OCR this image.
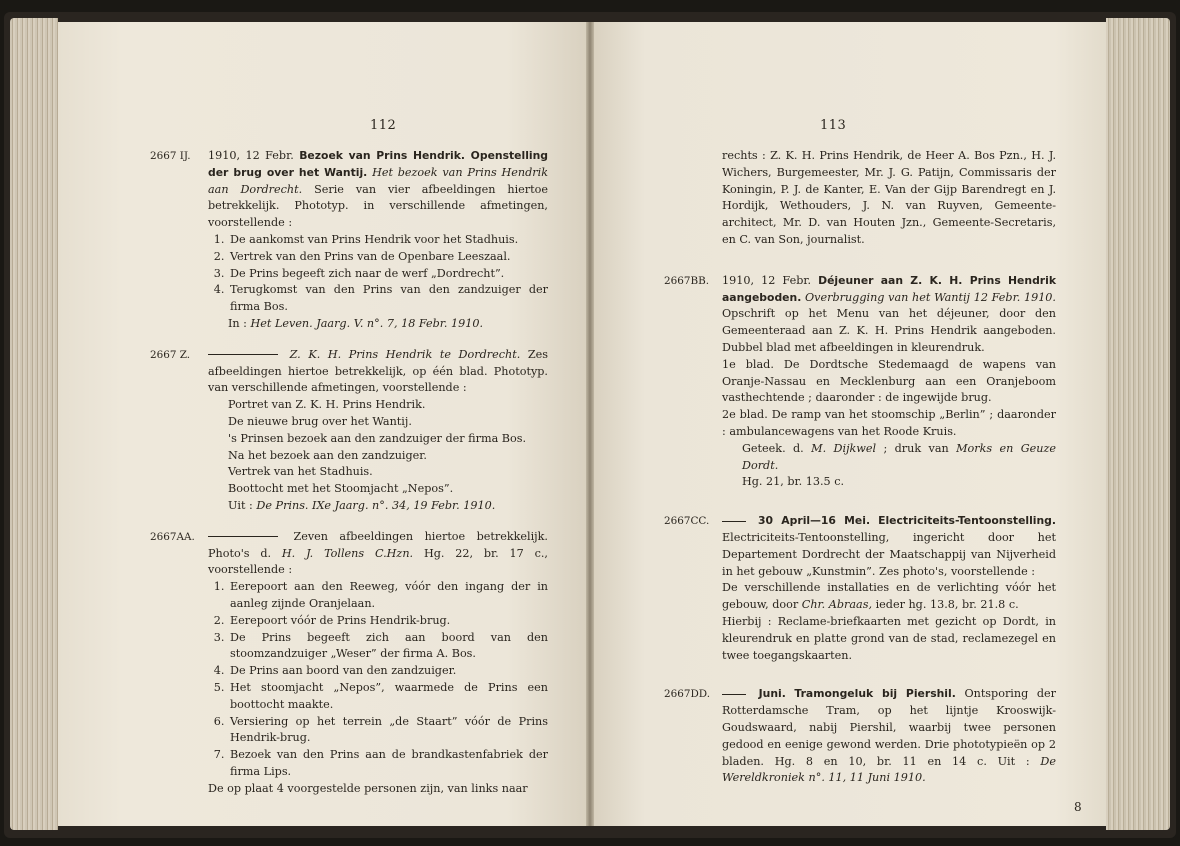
112
2667 IJ. 1910, 12 Febr. Bezoek van Prins Hendrik. Openstelling der brug over het Wantij. Het bezoek van Prins Hendrik aan Dordrecht. Serie van vier afbeeldingen hiertoe betrekkelijk. Phototyp. in verschillende afmetingen, voorstellende :

1. De aankomst van Prins Hendrik voor het Stadhuis.
2. Vertrek van den Prins van de Openbare Leeszaal.
3. De Prins begeeft zich naar de werf „Dordrecht”.
4. Terugkomst van den Prins van den zandzuiger der firma Bos.

In : Het Leven. Jaarg. V. n°. 7, 18 Febr. 1910.

2667 Z.	Z. K. H. Prins Hendrik te Dordrecht. Zes afbeeldingen hiertoe betrekkelijk, op één blad. Phototyp. van verschillende afmetingen, voorstellende :

Portret van Z. K. H. Prins Hendrik.

De nieuwe brug over het Wantij.

's Prinsen bezoek aan den zandzuiger der firma Bos.

Na het bezoek aan den zandzuiger.

Vertrek van het Stadhuis.

Boottocht met het Stoomjacht „Nepos”.

Uit : De Prins. IXe Jaarg. n°. 34, 19 Febr. 1910.

2667AA.	Zeven afbeeldingen hiertoe betrekkelijk. Photo's d. H. J. Tollens C.Hzn. Hg. 22, br. 17 c., voorstellende :

1. Eerepoort aan den Reeweg, vóór den ingang der in aanleg zijnde Oranjelaan.
2. Eerepoort vóór de Prins Hendrik-brug.
3. De Prins begeeft zich aan boord van den stoomzandzuiger „Weser” der firma A. Bos.
4. De Prins aan boord van den zandzuiger.
5. Het stoomjacht „Nepos”, waarmede de Prins een boottocht maakte.
6. Versiering op het terrein „de Staart” vóór de Prins Hendrik-brug.
7. Bezoek van den Prins aan de brandkastenfabriek der firma Lips.

De op plaat 4 voorgestelde personen zijn, van links naar

113

rechts : Z. K. H. Prins Hendrik, de Heer A. Bos Pzn., H. J. Wichers, Burgemeester, Mr. J. G. Patijn, Commissaris der Koningin, P. J. de Kanter, E. Van der Gijp Barendregt en J. Hordijk, Wethouders, J. N. van Ruyven, Gemeente-architect, Mr. D. van Houten Jzn., Gemeente-Secretaris, en C. van Son, journalist.

2667BB. 1910, 12 Febr. Déjeuner aan Z. K. H. Prins Hendrik aangeboden. Overbrugging van het Wantij 12 Febr. 1910. Opschrift op het Menu van het déjeuner, door den Gemeenteraad aan Z. K. H. Prins Hendrik aangeboden. Dubbel blad met afbeeldingen in kleurendruk.

1e blad. De Dordtsche Stedemaagd de wapens van Oranje-Nassau en Mecklenburg aan een Oranjeboom vasthechtende ; daaronder : de ingewijde brug.

2e blad. De ramp van het stoomschip „Berlin” ; daaronder : ambulancewagens van het Roode Kruis.

Geteek. d. M. Dijkwel ; druk van Morks en Geuze Dordt.

Hg. 21, br. 13.5 c.

2667CC.	30 April—16 Mei. Electriciteits-Tentoonstelling. Electriciteits-Tentoonstelling, ingericht door het Departement Dordrecht der Maatschappij van Nijverheid in het gebouw „Kunstmin”. Zes photo's, voorstellende :

De verschillende installaties en de verlichting vóór het gebouw, door Chr. Abraas, ieder hg. 13.8, br. 21.8 c.

Hierbij : Reclame-briefkaarten met gezicht op Dordt, in kleurendruk en platte grond van de stad, reclamezegel en twee toegangskaarten.

2667DD.	Juni. Tramongeluk bij Piershil. Ontsporing der Rotterdamsche Tram, op het lijntje Krooswijk-Goudswaard, nabij Piershil, waarbij twee personen gedood en eenige gewond werden. Drie phototypieën op 2 bladen. Hg. 8 en 10, br. 11 en 14 c. Uit : De Wereldkroniek n°. 11, 11 Juni 1910.

8
